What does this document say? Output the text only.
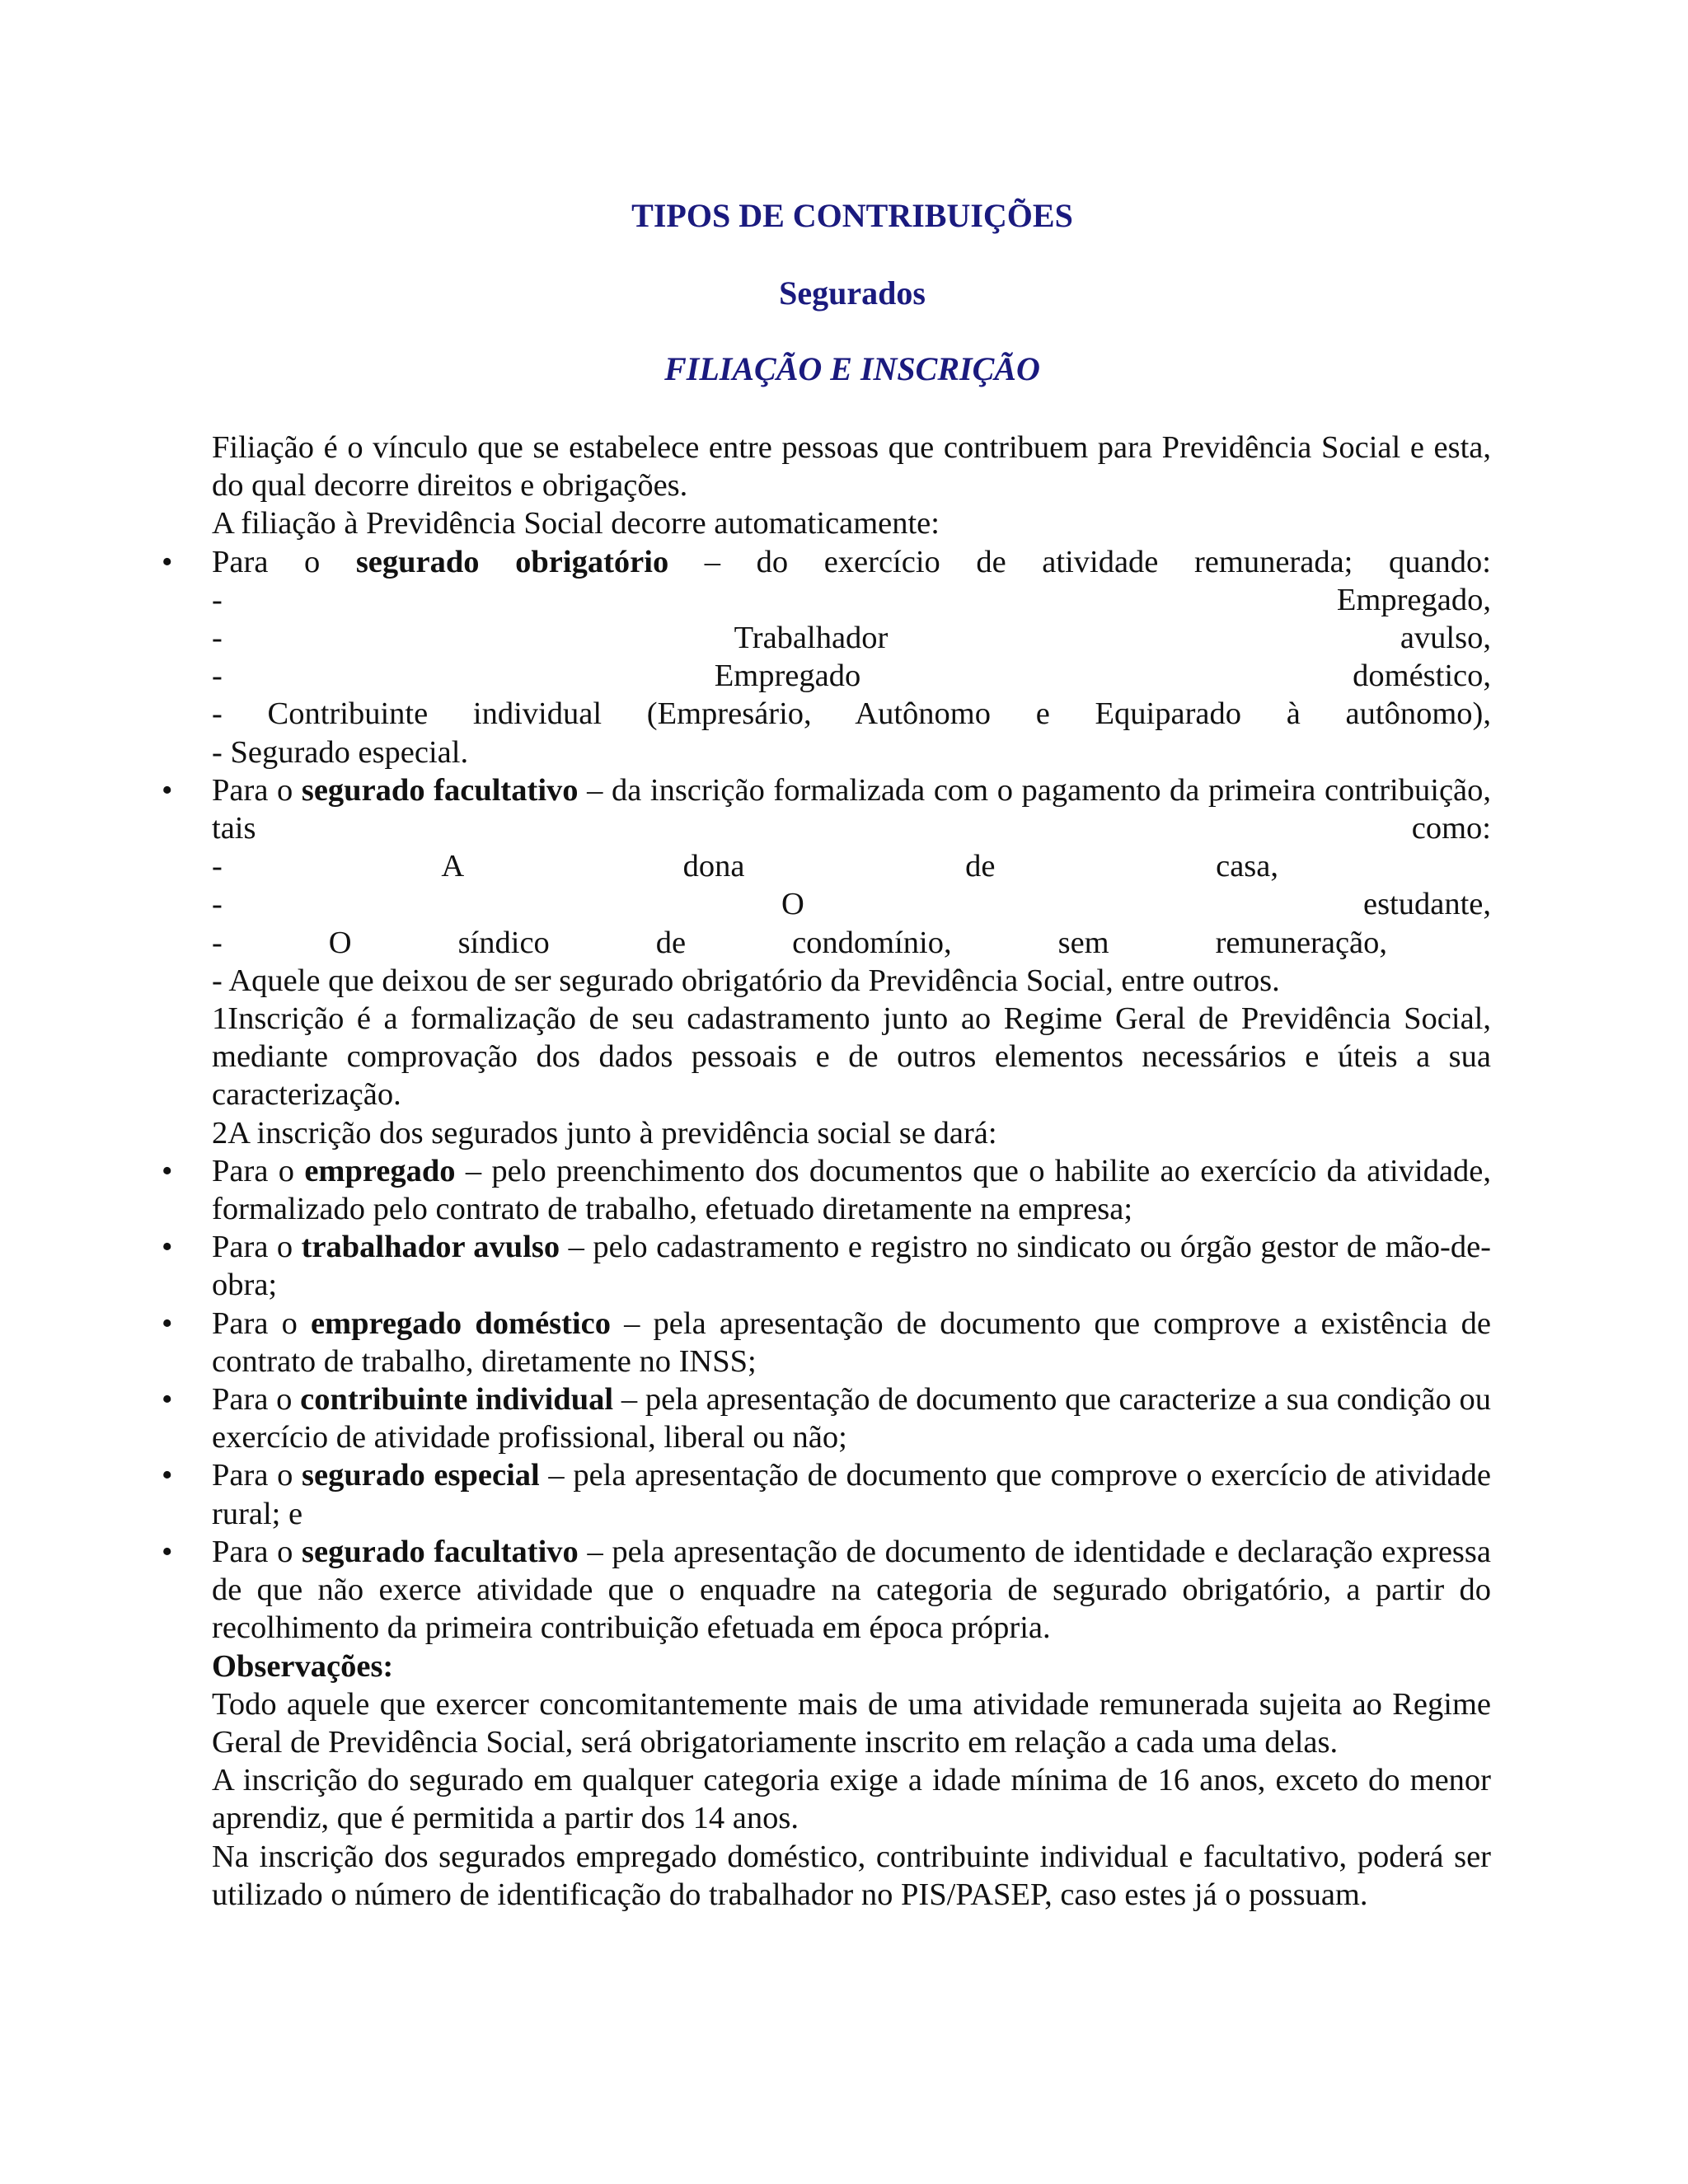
TIPOS DE CONTRIBUIÇÕES
Segurados
FILIAÇÃO E INSCRIÇÃO
Filiação é o vínculo que se estabelece entre pessoas que contribuem para Previdência Social e esta, do qual decorre direitos e obrigações.
A filiação à Previdência Social decorre automaticamente:
• Para o segurado obrigatório – do exercício de atividade remunerada; quando:
- Empregado,
- Trabalhador avulso,
- Empregado doméstico,
- Contribuinte individual (Empresário, Autônomo e Equiparado à autônomo),
- Segurado especial.
• Para o segurado facultativo – da inscrição formalizada com o pagamento da primeira contribuição, tais como:
- A dona de casa,
- O estudante,
- O síndico de condomínio, sem remuneração,
- Aquele que deixou de ser segurado obrigatório da Previdência Social, entre outros.
1Inscrição é a formalização de seu cadastramento junto ao Regime Geral de Previdência Social, mediante comprovação dos dados pessoais e de outros elementos necessários e úteis a sua caracterização.
2A inscrição dos segurados junto à previdência social se dará:
• Para o empregado – pelo preenchimento dos documentos que o habilite ao exercício da atividade, formalizado pelo contrato de trabalho, efetuado diretamente na empresa;
• Para o trabalhador avulso – pelo cadastramento e registro no sindicato ou órgão gestor de mão-de-obra;
• Para o empregado doméstico – pela apresentação de documento que comprove a existência de contrato de trabalho, diretamente no INSS;
• Para o contribuinte individual – pela apresentação de documento que caracterize a sua condição ou exercício de atividade profissional, liberal ou não;
• Para o segurado especial – pela apresentação de documento que comprove o exercício de atividade rural; e
• Para o segurado facultativo – pela apresentação de documento de identidade e declaração expressa de que não exerce atividade que o enquadre na categoria de segurado obrigatório, a partir do recolhimento da primeira contribuição efetuada em época própria.
Observações:
Todo aquele que exercer concomitantemente mais de uma atividade remunerada sujeita ao Regime Geral de Previdência Social, será obrigatoriamente inscrito em relação a cada uma delas.
A inscrição do segurado em qualquer categoria exige a idade mínima de 16 anos, exceto do menor aprendiz, que é permitida a partir dos 14 anos.
Na inscrição dos segurados empregado doméstico, contribuinte individual e facultativo, poderá ser utilizado o número de identificação do trabalhador no PIS/PASEP, caso estes já o possuam.
